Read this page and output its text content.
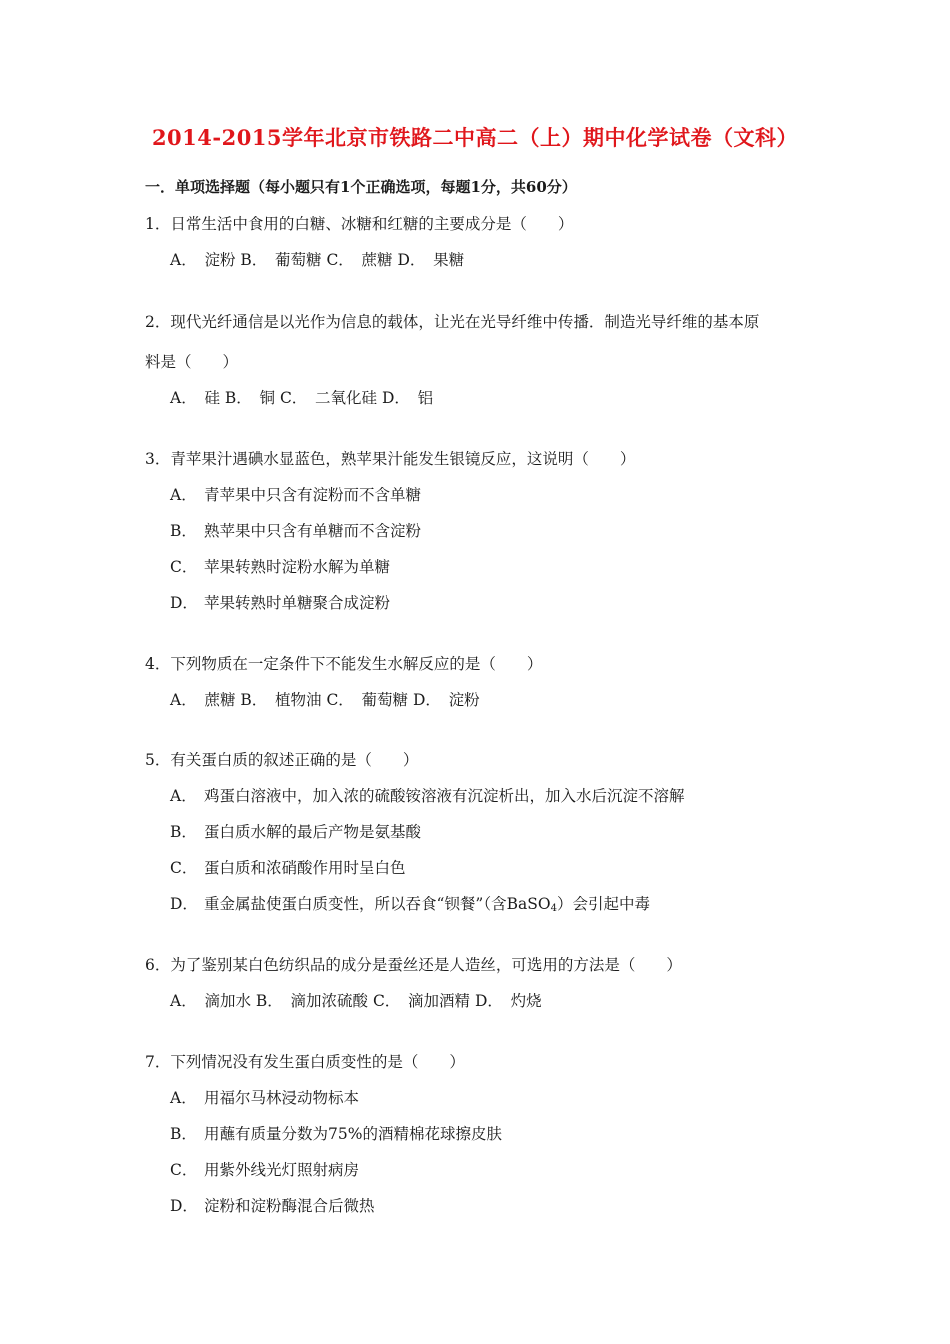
2014-2015学年北京市铁路二中高二（上）期中化学试卷（文科）
一．单项选择题（每小题只有1个正确选项，每题1分，共60分）
1．日常生活中食用的白糖、冰糖和红糖的主要成分是（　　）
A．　淀粉 B．　葡萄糖 C．　蔗糖 D．　果糖
2．现代光纤通信是以光作为信息的载体，让光在光导纤维中传播．制造光导纤维的基本原
料是（　　）
A．　硅 B．　铜 C．　二氧化硅 D．　铝
3．青苹果汁遇碘水显蓝色，熟苹果汁能发生银镜反应，这说明（　　）
A． 青苹果中只含有淀粉而不含单糖
B． 熟苹果中只含有单糖而不含淀粉
C． 苹果转熟时淀粉水解为单糖
D． 苹果转熟时单糖聚合成淀粉
4．下列物质在一定条件下不能发生水解反应的是（　　）
A．　蔗糖 B．　植物油 C．　葡萄糖 D．　淀粉
5．有关蛋白质的叙述正确的是（　　）
A． 鸡蛋白溶液中，加入浓的硫酸铵溶液有沉淀析出，加入水后沉淀不溶解
B． 蛋白质水解的最后产物是氨基酸
C． 蛋白质和浓硝酸作用时呈白色
D． 重金属盐使蛋白质变性，所以吞食“钡餐”（含BaSO$_4$）会引起中毒
6．为了鉴别某白色纺织品的成分是蚕丝还是人造丝，可选用的方法是（　　）
A．　滴加水 B．　滴加浓硫酸 C．　滴加酒精 D．　灼烧
7．下列情况没有发生蛋白质变性的是（　　）
A． 用福尔马林浸动物标本
B． 用蘸有质量分数为75%的酒精棉花球擦皮肤
C． 用紫外线光灯照射病房
D． 淀粉和淀粉酶混合后微热
